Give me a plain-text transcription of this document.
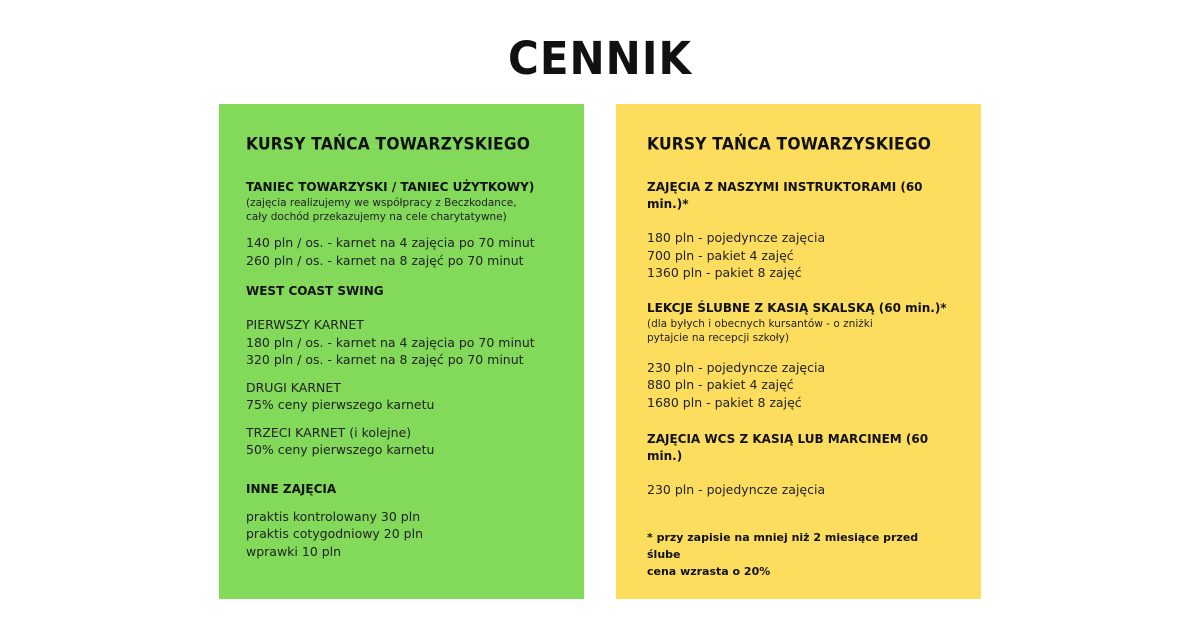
CENNIK
KURSY TAŃCA TOWARZYSKIEGO
TANIEC TOWARZYSKI / TANIEC UŻYTKOWY)
(zajęcia realizujemy we współpracy z Beczkodance,
cały dochód przekazujemy na cele charytatywne)
140 pln / os. - karnet na 4 zajęcia po 70 minut
260 pln / os. - karnet na 8 zajęć po 70 minut
WEST COAST SWING
PIERWSZY KARNET
180 pln / os. - karnet na 4 zajęcia po 70 minut
320 pln / os. - karnet na 8 zajęć po 70 minut
DRUGI KARNET
75% ceny pierwszego karnetu
TRZECI KARNET (i kolejne)
50% ceny pierwszego karnetu
INNE ZAJĘCIA
praktis kontrolowany 30 pln
praktis cotygodniowy 20 pln
wprawki 10 pln
KURSY TAŃCA TOWARZYSKIEGO
ZAJĘCIA Z NASZYMI INSTRUKTORAMI (60 min.)*
180 pln - pojedyncze zajęcia
700 pln - pakiet 4 zajęć
1360 pln - pakiet 8 zajęć
LEKCJE ŚLUBNE Z KASIĄ SKALSKĄ (60 min.)*
(dla byłych i obecnych kursantów - o zniżki
pytajcie na recepcji szkoły)
230 pln - pojedyncze zajęcia
880 pln - pakiet 4 zajęć
1680 pln - pakiet 8 zajęć
ZAJĘCIA WCS Z KASIĄ LUB MARCINEM (60 min.)
230 pln - pojedyncze zajęcia
* przy zapisie na mniej niż 2 miesiące przed ślube
cena wzrasta o 20%
